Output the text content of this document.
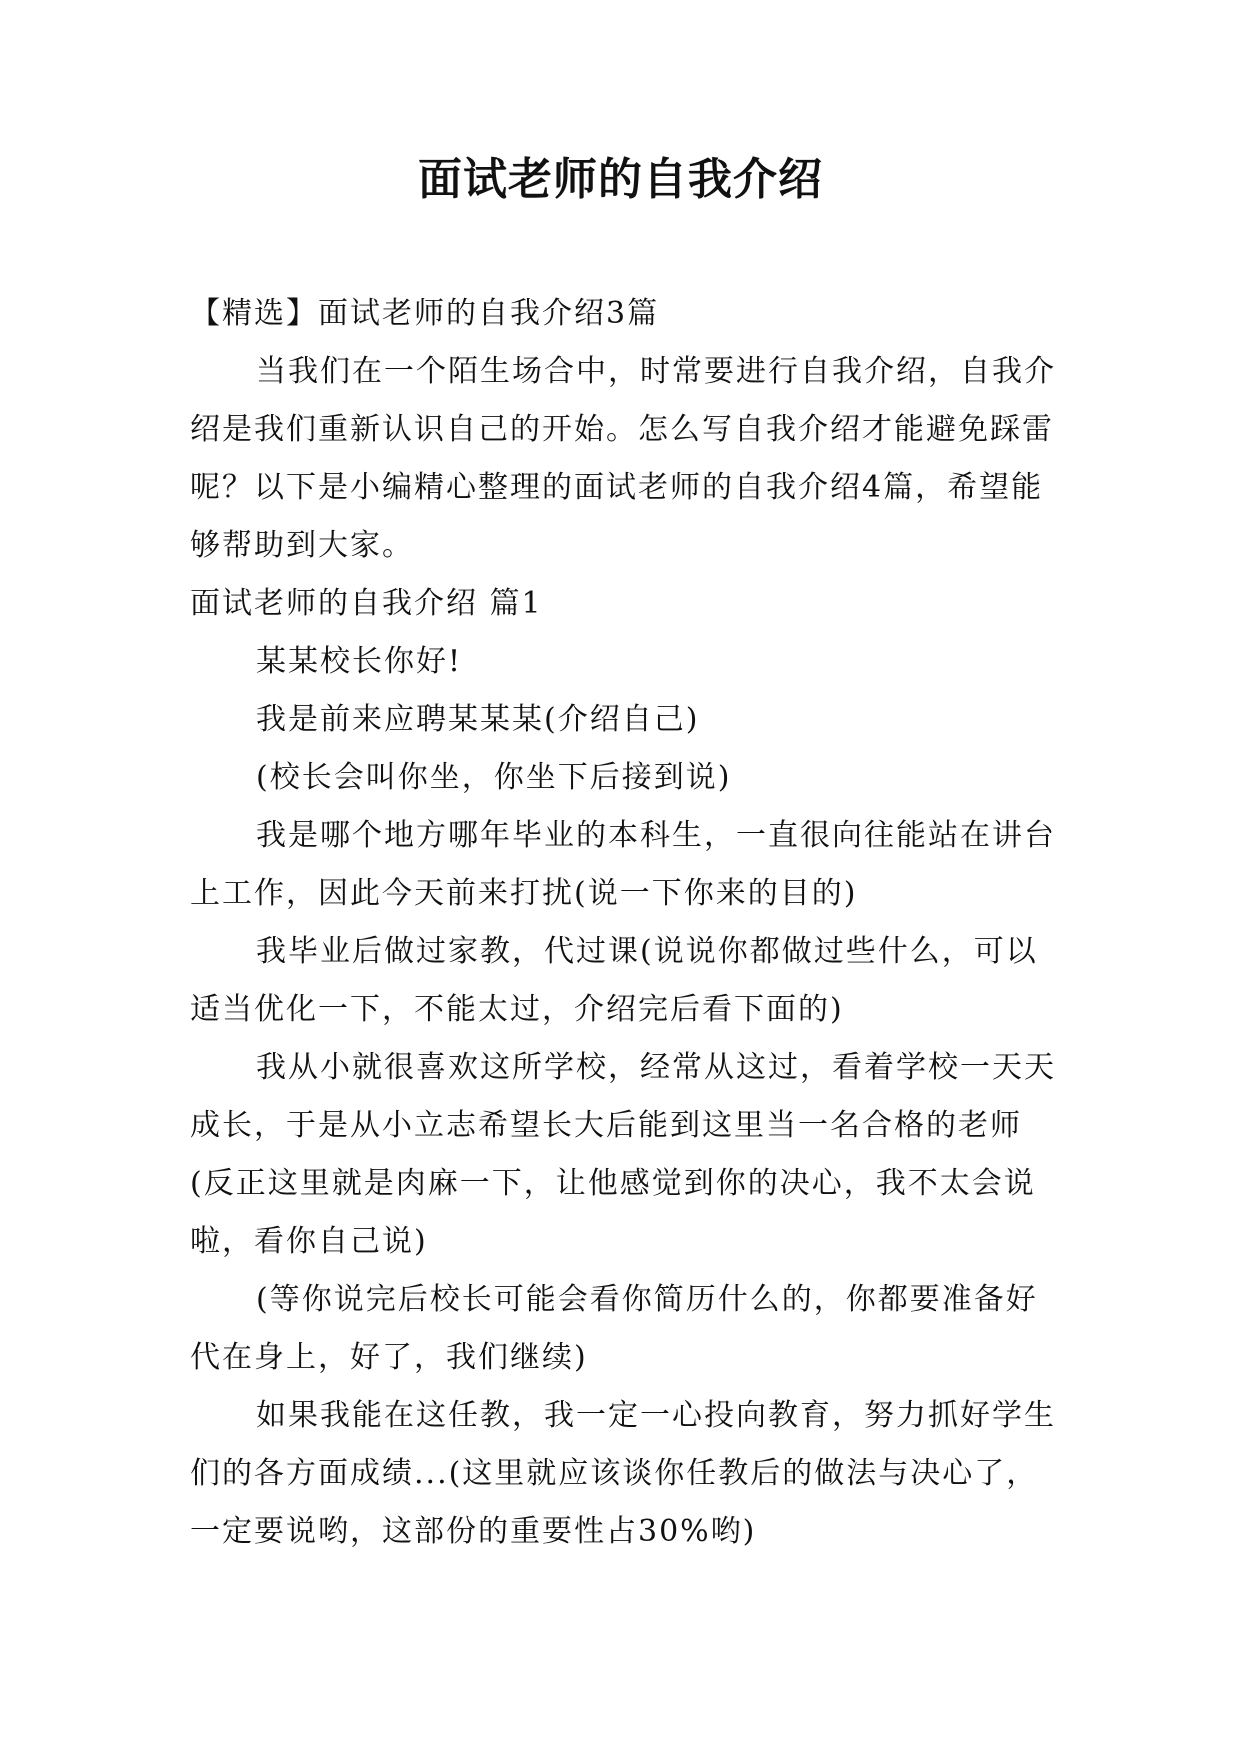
面试老师的自我介绍

【精选】面试老师的自我介绍3篇

当我们在一个陌生场合中，时常要进行自我介绍，自我介绍是我们重新认识自己的开始。怎么写自我介绍才能避免踩雷呢？以下是小编精心整理的面试老师的自我介绍4篇，希望能够帮助到大家。

面试老师的自我介绍 篇1

某某校长你好!

我是前来应聘某某某(介绍自己)

(校长会叫你坐，你坐下后接到说)

我是哪个地方哪年毕业的本科生，一直很向往能站在讲台上工作，因此今天前来打扰(说一下你来的目的)

我毕业后做过家教，代过课(说说你都做过些什么，可以适当优化一下，不能太过，介绍完后看下面的)

我从小就很喜欢这所学校，经常从这过，看着学校一天天成长，于是从小立志希望长大后能到这里当一名合格的老师(反正这里就是肉麻一下，让他感觉到你的决心，我不太会说啦，看你自己说)

(等你说完后校长可能会看你简历什么的，你都要准备好代在身上，好了，我们继续)

如果我能在这任教，我一定一心投向教育，努力抓好学生们的各方面成绩...(这里就应该谈你任教后的做法与决心了，一定要说哟，这部份的重要性占30%哟)
